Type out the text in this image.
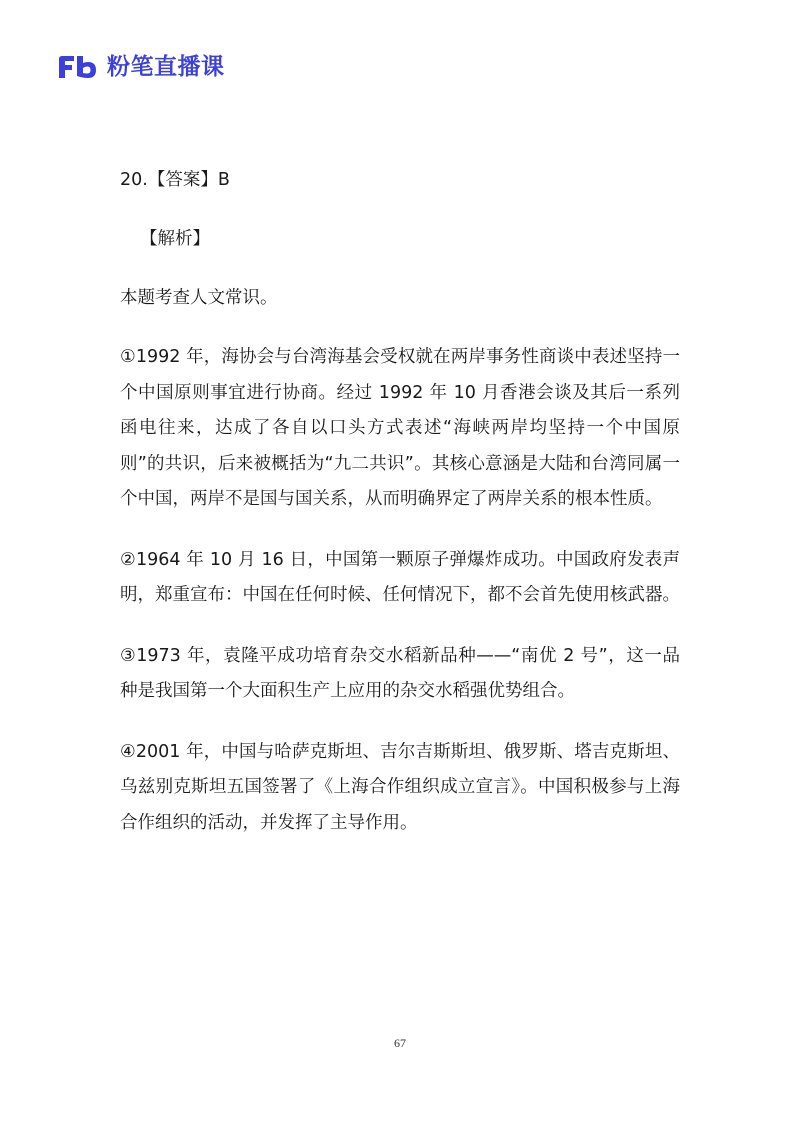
粉笔直播课

20.【答案】B

【解析】

本题考查人文常识。

①1992 年，海协会与台湾海基会受权就在两岸事务性商谈中表述坚持一个中国原则事宜进行协商。经过 1992 年 10 月香港会谈及其后一系列函电往来，达成了各自以口头方式表述“海峡两岸均坚持一个中国原则”的共识，后来被概括为“九二共识”。其核心意涵是大陆和台湾同属一个中国，两岸不是国与国关系，从而明确界定了两岸关系的根本性质。

②1964 年 10 月 16 日，中国第一颗原子弹爆炸成功。中国政府发表声明，郑重宣布：中国在任何时候、任何情况下，都不会首先使用核武器。

③1973 年，袁隆平成功培育杂交水稻新品种——“南优 2 号”，这一品种是我国第一个大面积生产上应用的杂交水稻强优势组合。

④2001 年，中国与哈萨克斯坦、吉尔吉斯斯坦、俄罗斯、塔吉克斯坦、乌兹别克斯坦五国签署了《上海合作组织成立宣言》。中国积极参与上海合作组织的活动，并发挥了主导作用。

67
